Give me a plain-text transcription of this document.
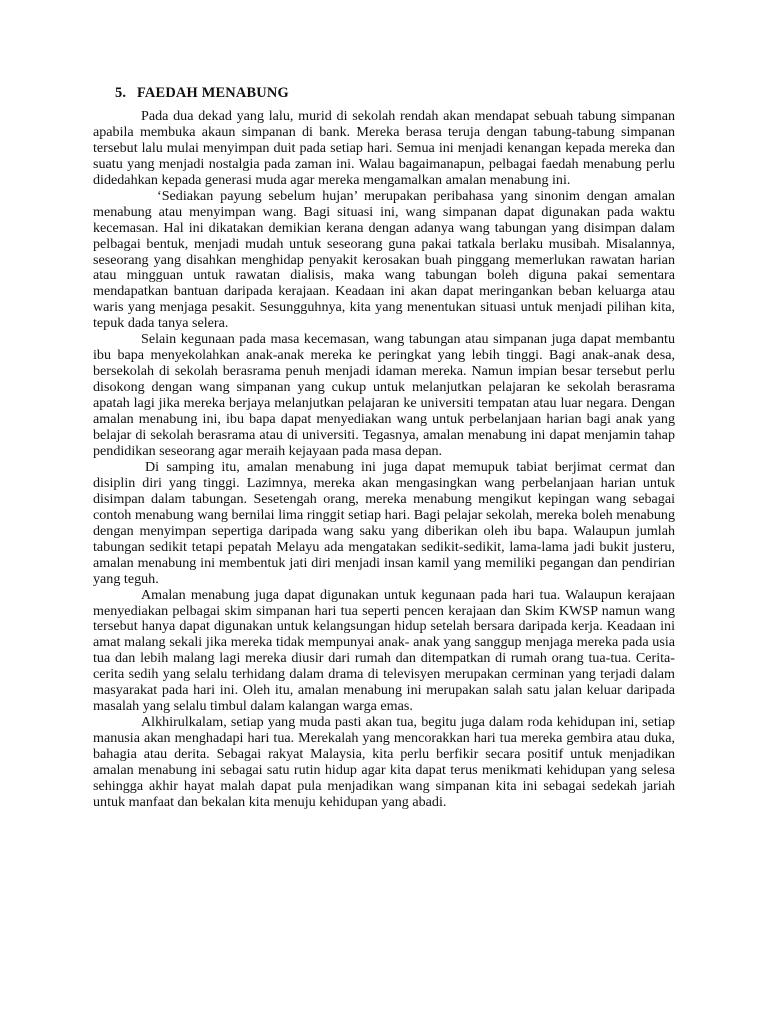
5. FAEDAH MENABUNG

Pada dua dekad yang lalu, murid di sekolah rendah akan mendapat sebuah tabung simpanan apabila membuka akaun simpanan di bank. Mereka berasa teruja dengan tabung-tabung simpanan tersebut lalu mulai menyimpan duit pada setiap hari. Semua ini menjadi kenangan kepada mereka dan suatu yang menjadi nostalgia pada zaman ini. Walau bagaimanapun, pelbagai faedah menabung perlu didedahkan kepada generasi muda agar mereka mengamalkan amalan menabung ini.

‘Sediakan payung sebelum hujan’ merupakan peribahasa yang sinonim dengan amalan menabung atau menyimpan wang. Bagi situasi ini, wang simpanan dapat digunakan pada waktu kecemasan. Hal ini dikatakan demikian kerana dengan adanya wang tabungan yang disimpan dalam pelbagai bentuk, menjadi mudah untuk seseorang guna pakai tatkala berlaku musibah. Misalannya, seseorang yang disahkan menghidap penyakit kerosakan buah pinggang memerlukan rawatan harian atau mingguan untuk rawatan dialisis, maka wang tabungan boleh diguna pakai sementara mendapatkan bantuan daripada kerajaan. Keadaan ini akan dapat meringankan beban keluarga atau waris yang menjaga pesakit. Sesungguhnya, kita yang menentukan situasi untuk menjadi pilihan kita, tepuk dada tanya selera.

Selain kegunaan pada masa kecemasan, wang tabungan atau simpanan juga dapat membantu ibu bapa menyekolahkan anak-anak mereka ke peringkat yang lebih tinggi. Bagi anak-anak desa, bersekolah di sekolah berasrama penuh menjadi idaman mereka. Namun impian besar tersebut perlu disokong dengan wang simpanan yang cukup untuk melanjutkan pelajaran ke sekolah berasrama apatah lagi jika mereka berjaya melanjutkan pelajaran ke universiti tempatan atau luar negara. Dengan amalan menabung ini, ibu bapa dapat menyediakan wang untuk perbelanjaan harian bagi anak yang belajar di sekolah berasrama atau di universiti. Tegasnya, amalan menabung ini dapat menjamin tahap pendidikan seseorang agar meraih kejayaan pada masa depan.

Di samping itu, amalan menabung ini juga dapat memupuk tabiat berjimat cermat dan disiplin diri yang tinggi. Lazimnya, mereka akan mengasingkan wang perbelanjaan harian untuk disimpan dalam tabungan. Sesetengah orang, mereka menabung mengikut kepingan wang sebagai contoh menabung wang bernilai lima ringgit setiap hari. Bagi pelajar sekolah, mereka boleh menabung dengan menyimpan sepertiga daripada wang saku yang diberikan oleh ibu bapa. Walaupun jumlah tabungan sedikit tetapi pepatah Melayu ada mengatakan sedikit-sedikit, lama-lama jadi bukit justeru, amalan menabung ini membentuk jati diri menjadi insan kamil yang memiliki pegangan dan pendirian yang teguh.

Amalan menabung juga dapat digunakan untuk kegunaan pada hari tua. Walaupun kerajaan menyediakan pelbagai skim simpanan hari tua seperti pencen kerajaan dan Skim KWSP namun wang tersebut hanya dapat digunakan untuk kelangsungan hidup setelah bersara daripada kerja. Keadaan ini amat malang sekali jika mereka tidak mempunyai anak- anak yang sanggup menjaga mereka pada usia tua dan lebih malang lagi mereka diusir dari rumah dan ditempatkan di rumah orang tua-tua. Cerita-cerita sedih yang selalu terhidang dalam drama di televisyen merupakan cerminan yang terjadi dalam masyarakat pada hari ini. Oleh itu, amalan menabung ini merupakan salah satu jalan keluar daripada masalah yang selalu timbul dalam kalangan warga emas.

Alkhirulkalam, setiap yang muda pasti akan tua, begitu juga dalam roda kehidupan ini, setiap manusia akan menghadapi hari tua. Merekalah yang mencorakkan hari tua mereka gembira atau duka, bahagia atau derita. Sebagai rakyat Malaysia, kita perlu berfikir secara positif untuk menjadikan amalan menabung ini sebagai satu rutin hidup agar kita dapat terus menikmati kehidupan yang selesa sehingga akhir hayat malah dapat pula menjadikan wang simpanan kita ini sebagai sedekah jariah untuk manfaat dan bekalan kita menuju kehidupan yang abadi.
